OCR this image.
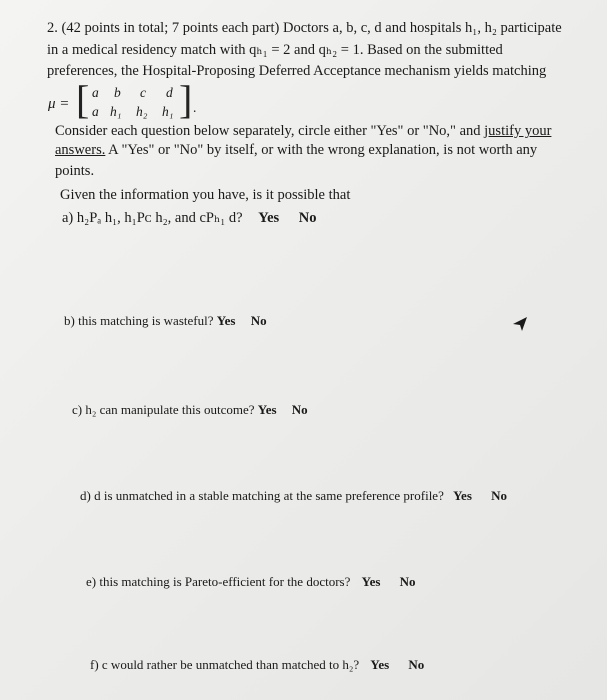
2. (42 points in total; 7 points each part) Doctors a, b, c, d and hospitals h₁, h₂ participate
in a medical residency match with qₕ₁ = 2 and qₕ₂ = 1. Based on the submitted
preferences, the Hospital-Proposing Deferred Acceptance mechanism yields matching
μ = [ a b c d
a h₁ h₂ h₁ ] .
Consider each question below separately, circle either "Yes" or "No," and justify your
answers. A "Yes" or "No" by itself, or with the wrong explanation, is not worth any
points.
Given the information you have, is it possible that
a) h₂Pₐ h₁, h₁Pᴄ h₂, and cPₕ₁ d? Yes No
b) this matching is wasteful? Yes No
c) h₂ can manipulate this outcome? Yes No
d) d is unmatched in a stable matching at the same preference profile? Yes No
e) this matching is Pareto-efficient for the doctors? Yes No
f) c would rather be unmatched than matched to h₂? Yes No
